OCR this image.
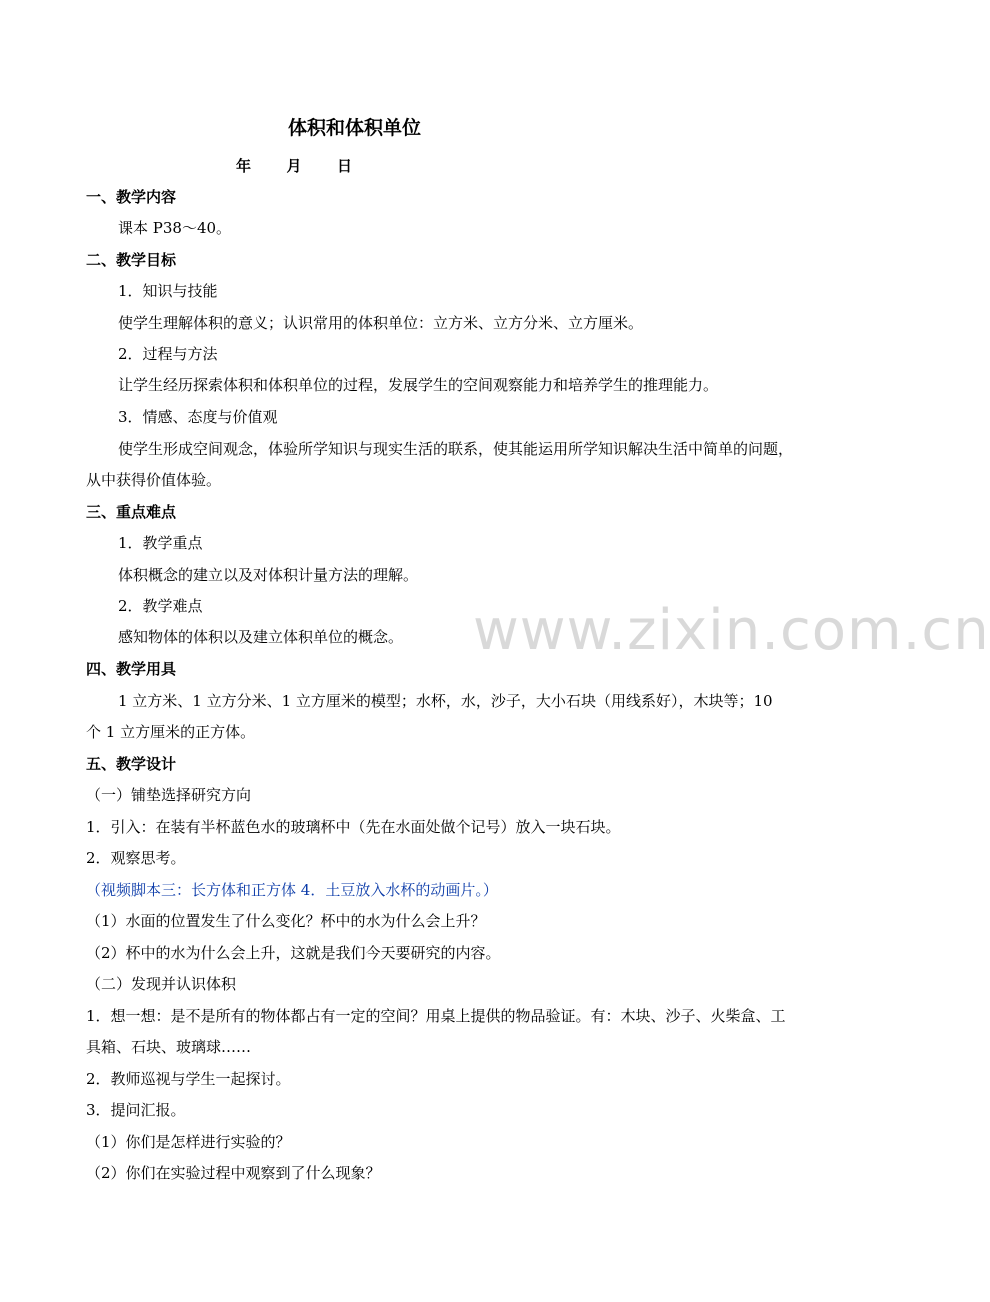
体积和体积单位
年 月 日
一、教学内容
课本 P38～40。
二、教学目标
1．知识与技能
使学生理解体积的意义；认识常用的体积单位：立方米、立方分米、立方厘米。
2．过程与方法
让学生经历探索体积和体积单位的过程，发展学生的空间观察能力和培养学生的推理能力。
3．情感、态度与价值观
使学生形成空间观念，体验所学知识与现实生活的联系，使其能运用所学知识解决生活中简单的问题，
从中获得价值体验。
三、重点难点
1．教学重点
体积概念的建立以及对体积计量方法的理解。
2．教学难点
感知物体的体积以及建立体积单位的概念。 www.zixin.com.cn
四、教学用具
1 立方米、1 立方分米、1 立方厘米的模型；水杯，水，沙子，大小石块（用线系好），木块等；10
个 1 立方厘米的正方体。
五、教学设计
（一）铺垫选择研究方向
1．引入：在装有半杯蓝色水的玻璃杯中（先在水面处做个记号）放入一块石块。
2．观察思考。
（视频脚本三：长方体和正方体 4．土豆放入水杯的动画片。）
（1）水面的位置发生了什么变化？杯中的水为什么会上升？
（2）杯中的水为什么会上升，这就是我们今天要研究的内容。
（二）发现并认识体积
1．想一想：是不是所有的物体都占有一定的空间？用桌上提供的物品验证。有：木块、沙子、火柴盒、工
具箱、石块、玻璃球……
2．教师巡视与学生一起探讨。
3．提问汇报。
（1）你们是怎样进行实验的？
（2）你们在实验过程中观察到了什么现象？
